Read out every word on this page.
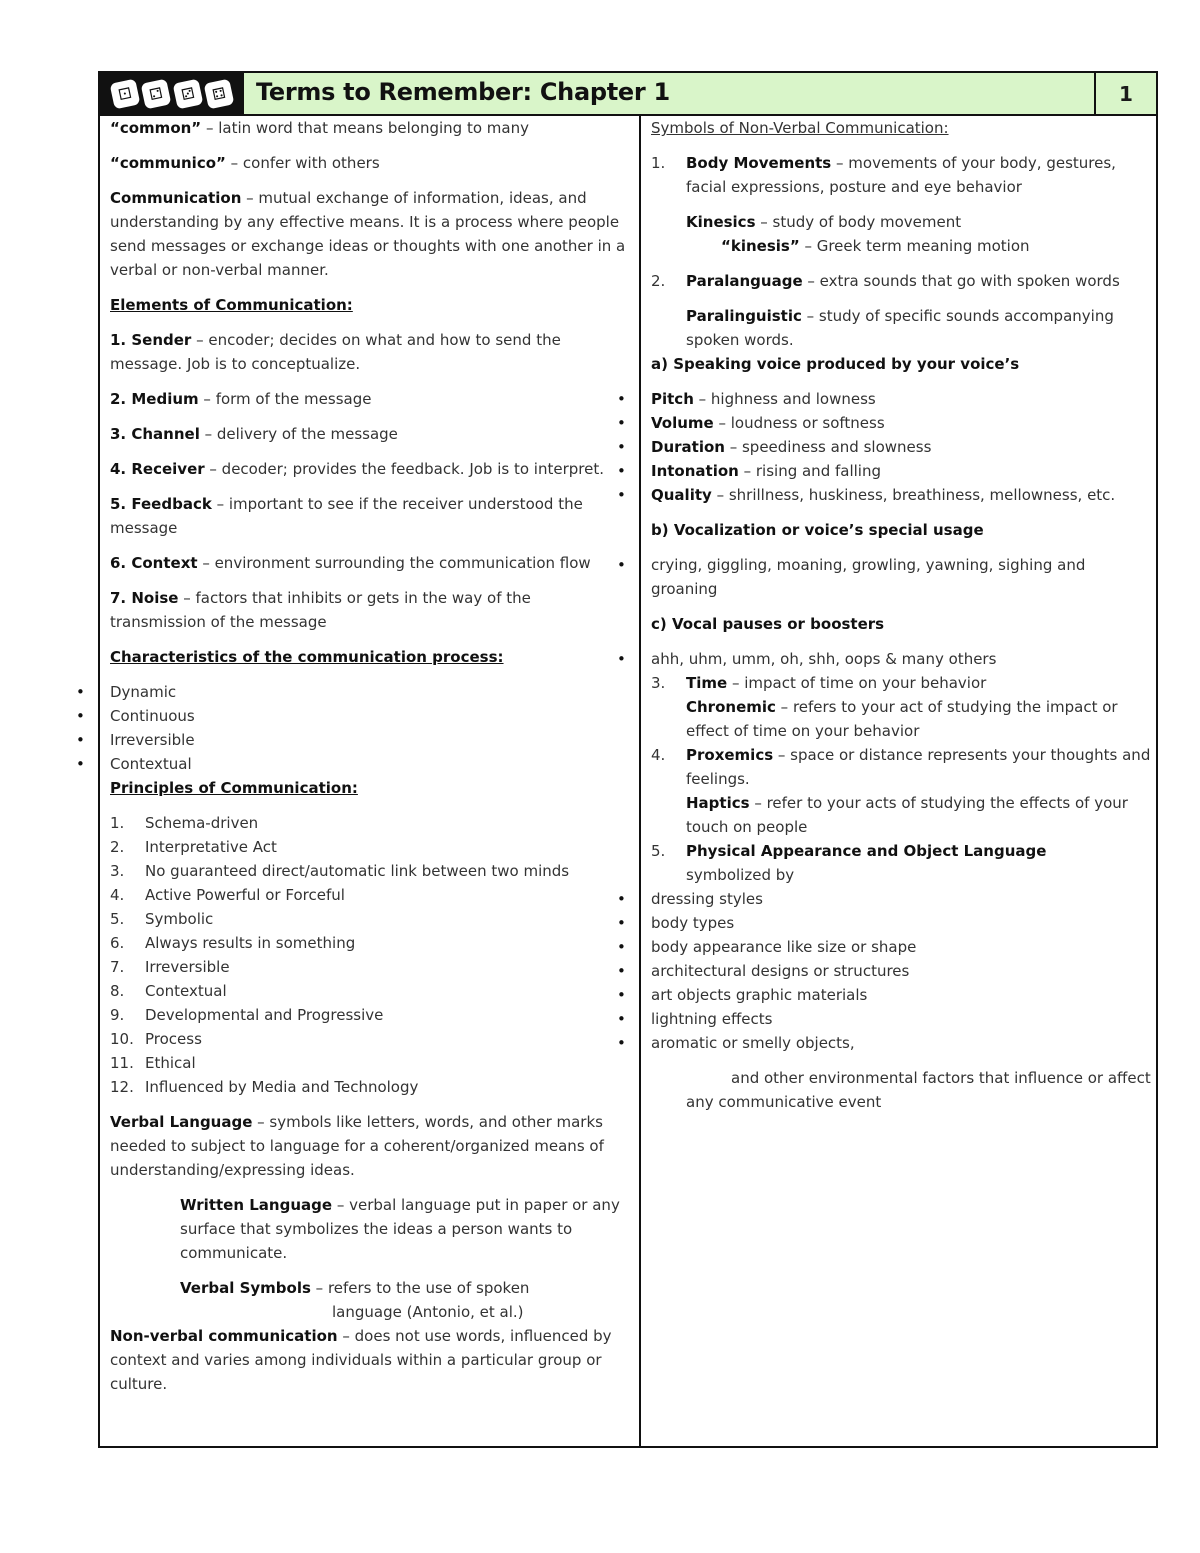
⚀	⚁	⚂	⚃ Terms to Remember: Chapter 1	1

“common” – latin word that means belonging to many

“communico” – confer with others

Communication – mutual exchange of information, ideas, and understanding by any effective means. It is a process where people send messages or exchange ideas or thoughts with one another in a verbal or non-verbal manner.

Elements of Communication:

1. Sender – encoder; decides on what and how to send the message. Job is to conceptualize.

2. Medium – form of the message

3. Channel – delivery of the message

4. Receiver – decoder; provides the feedback. Job is to interpret.

5. Feedback – important to see if the receiver understood the message

6. Context – environment surrounding the communication flow

7. Noise – factors that inhibits or gets in the way of the transmission of the message

Characteristics of the communication process:

• Dynamic
• Continuous
• Irreversible
• Contextual

Principles of Communication:

1.	Schema-driven
2.	Interpretative Act
3.	No guaranteed direct/automatic link between two minds
4.	Active Powerful or Forceful
5.	Symbolic
6.	Always results in something
7.	Irreversible
8.	Contextual
9.	Developmental and Progressive
10. Process
11. Ethical
12. Influenced by Media and Technology

Verbal Language – symbols like letters, words, and other marks needed to subject to language for a coherent/organized means of understanding/expressing ideas.

Written Language – verbal language put in paper or any surface that symbolizes the ideas a person wants to communicate.

Verbal Symbols – refers to the use of spoken

language (Antonio, et al.)

Non-verbal communication – does not use words, influenced by context and varies among individuals within a particular group or culture.

Symbols of Non-Verbal Communication:

1.	Body Movements – movements of your body, gestures, facial expressions, posture and eye behavior

Kinesics – study of body movement

“kinesis” – Greek term meaning motion

2.	Paralanguage – extra sounds that go with spoken words

Paralinguistic – study of specific sounds accompanying spoken words.

a) Speaking voice produced by your voice’s

• Pitch – highness and lowness
• Volume – loudness or softness
• Duration – speediness and slowness
• Intonation – rising and falling
• Quality – shrillness, huskiness, breathiness, mellowness, etc.

b) Vocalization or voice’s special usage

• crying, giggling, moaning, growling, yawning, sighing and groaning

c) Vocal pauses or boosters

• ahh, uhm, umm, oh, shh, oops & many others
3.	Time – impact of time on your behavior

Chronemic – refers to your act of studying the impact or effect of time on your behavior

4.	Proxemics – space or distance represents your thoughts and feelings.

Haptics – refer to your acts of studying the effects of your touch on people

5.	Physical Appearance and Object Language
symbolized by
• dressing styles
• body types
• body appearance like size or shape
• architectural designs or structures
• art objects graphic materials
• lightning effects
• aromatic or smelly objects,

and other environmental factors that influence or affect any communicative event
